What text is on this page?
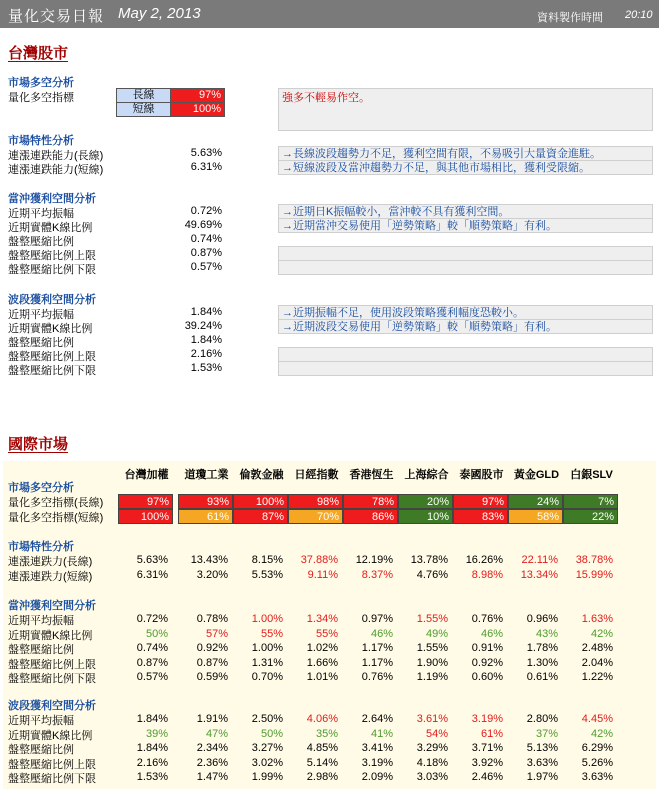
量化交易日報 May 2, 2013	資料製作時間 20:10
台灣股市
市場多空分析
量化多空指標	長線	97%
短線	100%
強多不輕易作空。
國際市場
市場特性分析
連漲連跌能力(長線)	5.63%
連漲連跌能力(短線)	6.31%
→長線波段趨勢力不足，獲利空間有限，不易吸引大量資金進駐。
→短線波段及當沖趨勢力不足，與其他市場相比，獲利受限縮。
當沖獲利空間分析
近期平均振幅	0.72%
近期實體K線比例	49.69%
盤整壓縮比例	0.74%
盤整壓縮比例上限	0.87%
盤整壓縮比例下限	0.57%
→近期日K振幅較小，當沖較不具有獲利空間。
→近期當沖交易使用「逆勢策略」較「順勢策略」有利。
波段獲利空間分析
近期平均振幅	1.84%
近期實體K線比例	39.24%
盤整壓縮比例	1.84%
盤整壓縮比例上限	2.16%
盤整壓縮比例下限	1.53%
→近期振幅不足，使用波段策略獲利幅度恐較小。
→近期波段交易使用「逆勢策略」較「順勢策略」有利。
台灣加權	道瓊工業	倫敦金融	日經指數	香港恆生	上海綜合	泰國股市 黃金GLD	白銀SLV
市場多空分析
量化多空指標(長線)	97%	93%	100%	98%	78%	20%	97%	24%	7%
量化多空指標(短線)	100%	61%	87%	70%	86%	10%	83%	58%	22%
市場特性分析
連漲連跌力(長線)	5.63%	13.43%	8.15%	37.88%	12.19%	13.78%	16.26%	22.11%	38.78%
連漲連跌力(短線)	6.31%	3.20%	5.53%	9.11%	8.37%	4.76%	8.98%	13.34%	15.99%
當沖獲利空間分析
近期平均振幅	0.72%	0.78%	1.00%	1.34%	0.97%	1.55%	0.76%	0.96%	1.63%
近期實體K線比例	50%	57%	55%	55%	46%	49%	46%	43%	42%
盤整壓縮比例	0.74%	0.92%	1.00%	1.02%	1.17%	1.55%	0.91%	1.78%	2.48%
盤整壓縮比例上限	0.87%	0.87%	1.31%	1.66%	1.17%	1.90%	0.92%	1.30%	2.04%
盤整壓縮比例下限	0.57%	0.59%	0.70%	1.01%	0.76%	1.19%	0.60%	0.61%	1.22%
波段獲利空間分析
近期平均振幅	1.84%	1.91%	2.50%	4.06%	2.64%	3.61%	3.19%	2.80%	4.45%
近期實體K線比例	39%	47%	50%	35%	41%	54%	61%	37%	42%
盤整壓縮比例	1.84%	2.34%	3.27%	4.85%	3.41%	3.29%	3.71%	5.13%	6.29%
盤整壓縮比例上限	2.16%	2.36%	3.02%	5.14%	3.19%	4.18%	3.92%	3.63%	5.26%
盤整壓縮比例下限	1.53%	1.47%	1.99%	2.98%	2.09%	3.03%	2.46%	1.97%	3.63%
